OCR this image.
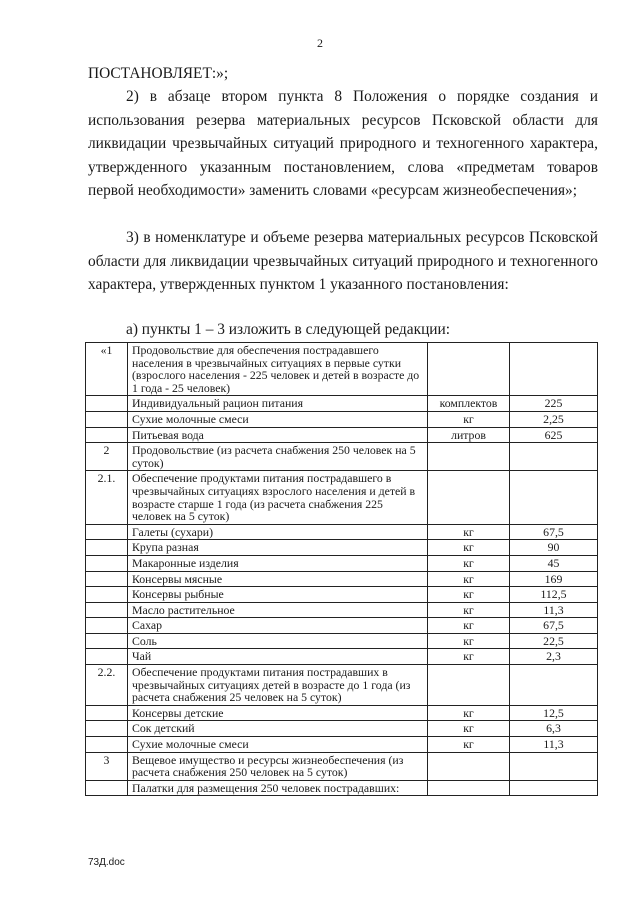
2
ПОСТАНОВЛЯЕТ:»;
2) в абзаце втором пункта 8 Положения о порядке создания и использования резерва материальных ресурсов Псковской области для ликвидации чрезвычайных ситуаций природного и техногенного характера, утвержденного указанным постановлением, слова «предметам товаров первой необходимости» заменить словами «ресурсам жизнеобеспечения»;
3) в номенклатуре и объеме резерва материальных ресурсов Псковской области для ликвидации чрезвычайных ситуаций природного и техногенного характера, утвержденных пунктом 1 указанного постановления:
а) пункты 1 – 3 изложить в следующей редакции:
«1	Продовольствие для обеспечения пострадавшего населения в чрезвычайных ситуациях в первые сутки (взрослого населения - 225 человек и детей в возрасте до 1 года - 25 человек)		
	Индивидуальный рацион питания	комплектов	225
	Сухие молочные смеси	кг	2,25
	Питьевая вода	литров	625
2	Продовольствие (из расчета снабжения 250 человек на 5 суток)		
2.1.	Обеспечение продуктами питания пострадавшего в чрезвычайных ситуациях взрослого населения и детей в возрасте старше 1 года (из расчета снабжения 225 человек на 5 суток)		
	Галеты (сухари)	кг	67,5
	Крупа разная	кг	90
	Макаронные изделия	кг	45
	Консервы мясные	кг	169
	Консервы рыбные	кг	112,5
	Масло растительное	кг	11,3
	Сахар	кг	67,5
	Соль	кг	22,5
	Чай	кг	2,3
2.2.	Обеспечение продуктами питания пострадавших в чрезвычайных ситуациях детей в возрасте до 1 года (из расчета снабжения 25 человек на 5 суток)		
	Консервы детские	кг	12,5
	Сок детский	кг	6,3
	Сухие молочные смеси	кг	11,3
3	Вещевое имущество и ресурсы жизнеобеспечения (из расчета снабжения 250 человек на 5 суток)		
	Палатки для размещения 250 человек пострадавших:		
73Д.doc
